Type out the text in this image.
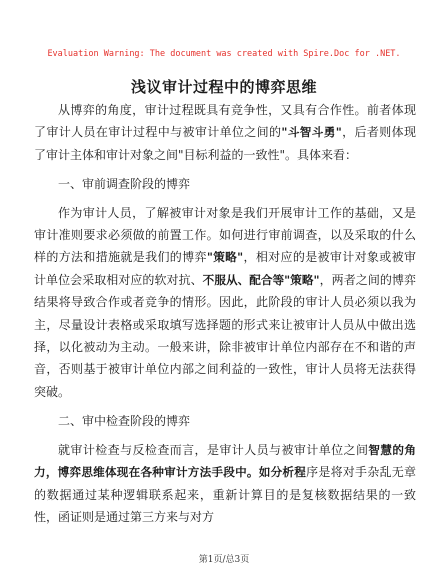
Evaluation Warning: The document was created with Spire.Doc for .NET.
浅议审计过程中的博弈思维

从博弈的角度，审计过程既具有竞争性，又具有合作性。前者体现了审计人员在审计过程中与被审计单位之间的"斗智斗勇"，后者则体现了审计主体和审计对象之间"目标利益的一致性"。具体来看：

一、审前调查阶段的博弈

作为审计人员，了解被审计对象是我们开展审计工作的基础，又是审计准则要求必须做的前置工作。如何进行审前调查，以及采取的什么样的方法和措施就是我们的博弈"策略"，相对应的是被审计对象或被审计单位会采取相对应的软对抗、不服从、配合等"策略"，两者之间的博弈结果将导致合作或者竞争的情形。因此，此阶段的审计人员必须以我为主，尽量设计表格或采取填写选择题的形式来让被审计人员从中做出选择，以化被动为主动。一般来讲，除非被审计单位内部存在不和谐的声音，否则基于被审计单位内部之间利益的一致性，审计人员将无法获得突破。

二、审中检查阶段的博弈

就审计检查与反检查而言，是审计人员与被审计单位之间智慧的角力，博弈思维体现在各种审计方法手段中。如分析程序是将对手杂乱无章的数据通过某种逻辑联系起来，重新计算目的是复核数据结果的一致性，函证则是通过第三方来与对方

第1页/总3页
